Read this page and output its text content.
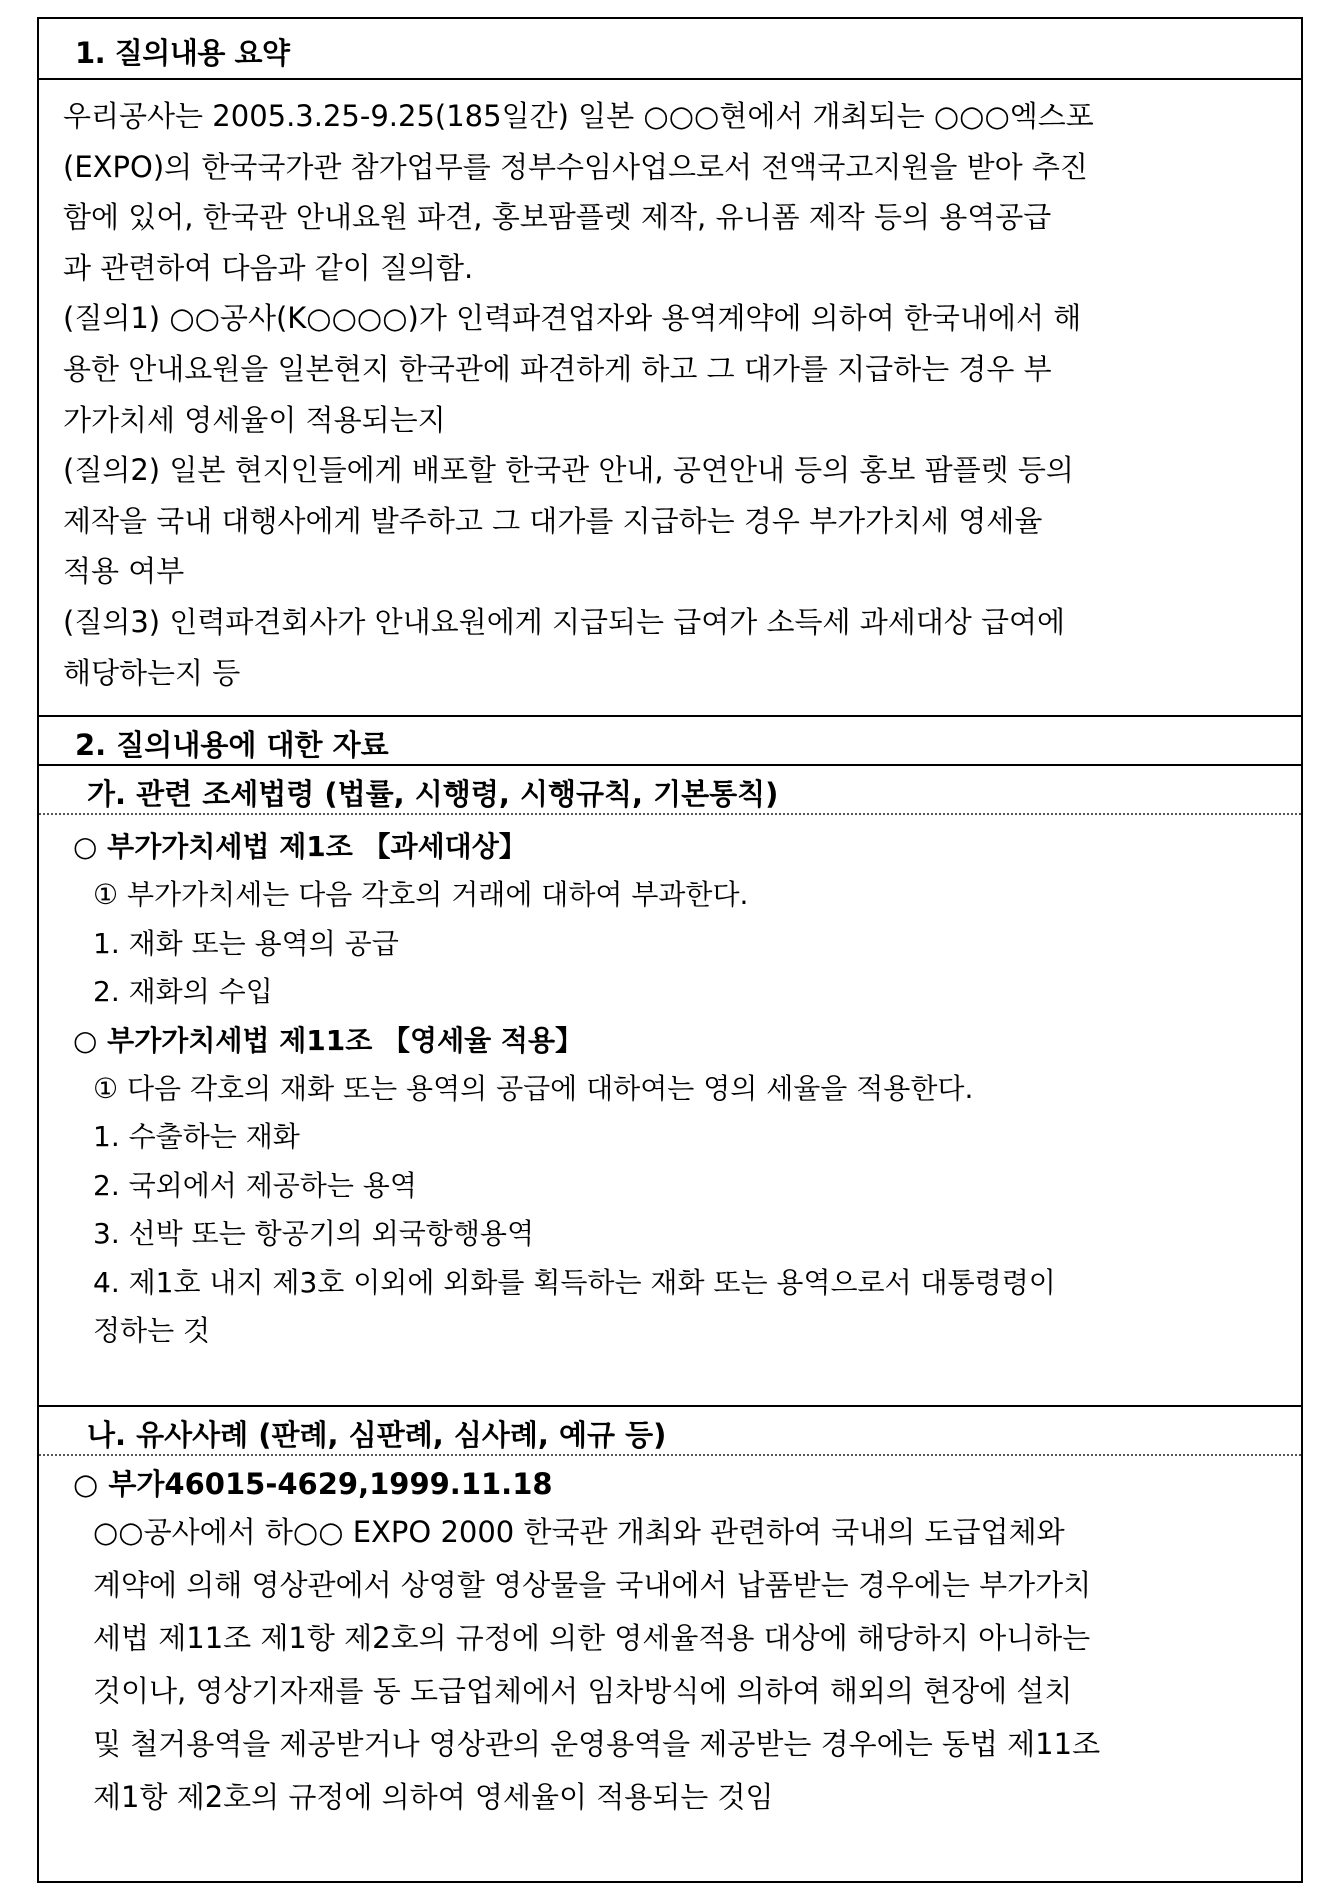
1. 질의내용 요약
우리공사는 2005.3.25-9.25(185일간) 일본 ○○○현에서 개최되는 ○○○엑스포
(EXPO)의 한국국가관 참가업무를 정부수임사업으로서 전액국고지원을 받아 추진
함에 있어, 한국관 안내요원 파견, 홍보팜플렛 제작, 유니폼 제작 등의 용역공급
과 관련하여 다음과 같이 질의함.
(질의1) ○○공사(K○○○○)가 인력파견업자와 용역계약에 의하여 한국내에서 해
용한 안내요원을 일본현지 한국관에 파견하게 하고 그 대가를 지급하는 경우 부
가가치세 영세율이 적용되는지
(질의2) 일본 현지인들에게 배포할 한국관 안내, 공연안내 등의 홍보 팜플렛 등의
제작을 국내 대행사에게 발주하고 그 대가를 지급하는 경우 부가가치세 영세율
적용 여부
(질의3) 인력파견회사가 안내요원에게 지급되는 급여가 소득세 과세대상 급여에
해당하는지 등
2. 질의내용에 대한 자료
가. 관련 조세법령 (법률, 시행령, 시행규칙, 기본통칙)
○ 부가가치세법 제1조 【과세대상】
① 부가가치세는 다음 각호의 거래에 대하여 부과한다.
1. 재화 또는 용역의 공급
2. 재화의 수입
○ 부가가치세법 제11조 【영세율 적용】
① 다음 각호의 재화 또는 용역의 공급에 대하여는 영의 세율을 적용한다.
1. 수출하는 재화
2. 국외에서 제공하는 용역
3. 선박 또는 항공기의 외국항행용역
4. 제1호 내지 제3호 이외에 외화를 획득하는 재화 또는 용역으로서 대통령령이
정하는 것
나. 유사사례 (판례, 심판례, 심사례, 예규 등)
○ 부가46015-4629,1999.11.18
○○공사에서 하○○ EXPO 2000 한국관 개최와 관련하여 국내의 도급업체와
계약에 의해 영상관에서 상영할 영상물을 국내에서 납품받는 경우에는 부가가치
세법 제11조 제1항 제2호의 규정에 의한 영세율적용 대상에 해당하지 아니하는
것이나, 영상기자재를 동 도급업체에서 임차방식에 의하여 해외의 현장에 설치
및 철거용역을 제공받거나 영상관의 운영용역을 제공받는 경우에는 동법 제11조
제1항 제2호의 규정에 의하여 영세율이 적용되는 것임
